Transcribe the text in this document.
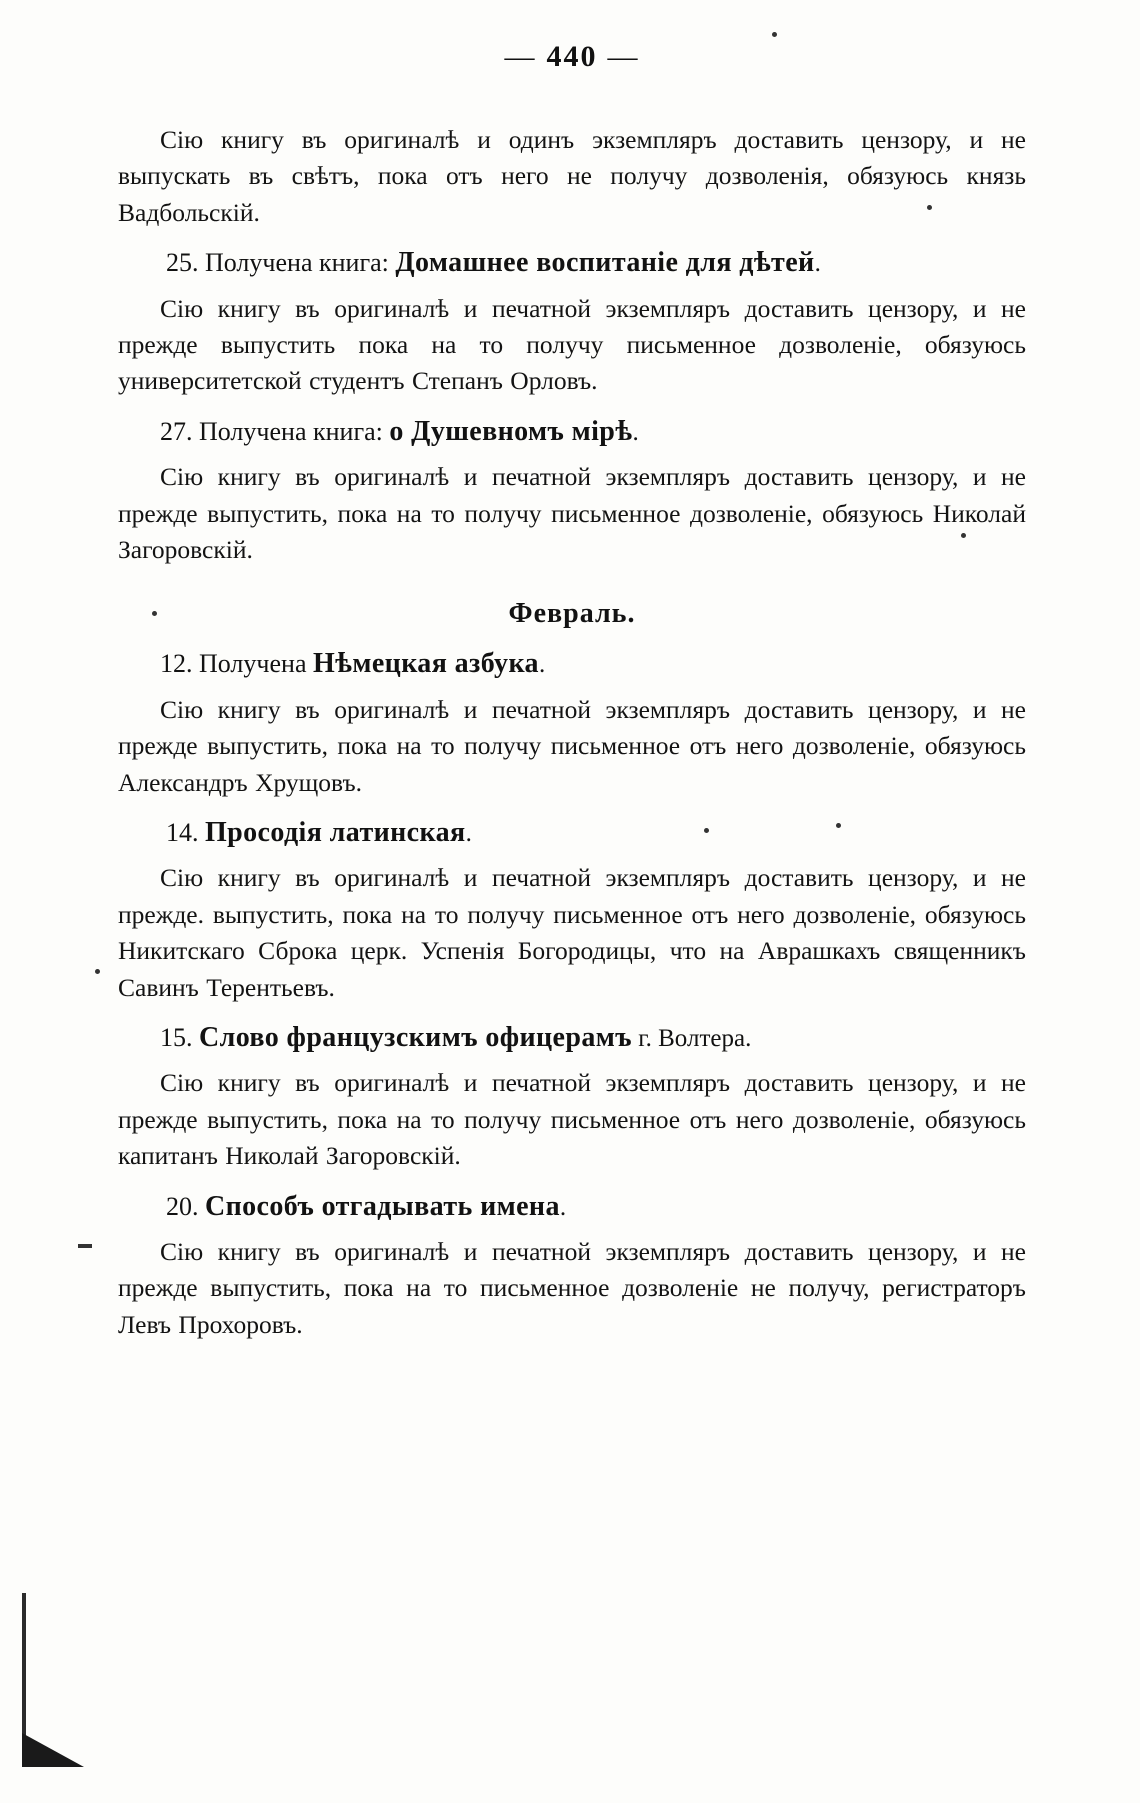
— 440 —

Сію книгу въ оригиналѣ и одинъ экземпляръ доставить цензору, и не выпускать въ свѣтъ, пока отъ него не получу дозволенія, обязуюсь князь Вадбольскій.

25. Получена книга: Домашнее воспитаніе для дѣтей.

Сію книгу въ оригиналѣ и печатной экземпляръ доставить цензору, и не прежде выпустить пока на то получу письменное дозволеніе, обязуюсь университетской студентъ Степанъ Орловъ.

27. Получена книга: о Душевномъ мірѣ.

Сію книгу въ оригиналѣ и печатной экземпляръ доставить цензору, и не прежде выпустить, пока на то получу письменное дозволеніе, обязуюсь Николай Загоровскій.

Февраль.
12. Получена Нѣмецкая азбука.

Сію книгу въ оригиналѣ и печатной экземпляръ доставить цензору, и не прежде выпустить, пока на то получу письменное отъ него дозволеніе, обязуюсь Александръ Хрущовъ.

14. Просодія латинская.

Сію книгу въ оригиналѣ и печатной экземпляръ доставить цензору, и не прежде. выпустить, пока на то получу письменное отъ него дозволеніе, обязуюсь Никитскаго Сброка церк. Успенія Богородицы, что на Аврашкахъ священникъ Савинъ Терентьевъ.

15. Слово французскимъ офицерамъ г. Волтера.

Сію книгу въ оригиналѣ и печатной экземпляръ доставить цензору, и не прежде выпустить, пока на то получу письменное отъ него дозволеніе, обязуюсь капитанъ Николай Загоровскій.

20. Способъ отгадывать имена.

Сію книгу въ оригиналѣ и печатной экземпляръ доставить цензору, и не прежде выпустить, пока на то письменное дозволеніе не получу, регистраторъ Левъ Прохоровъ.
